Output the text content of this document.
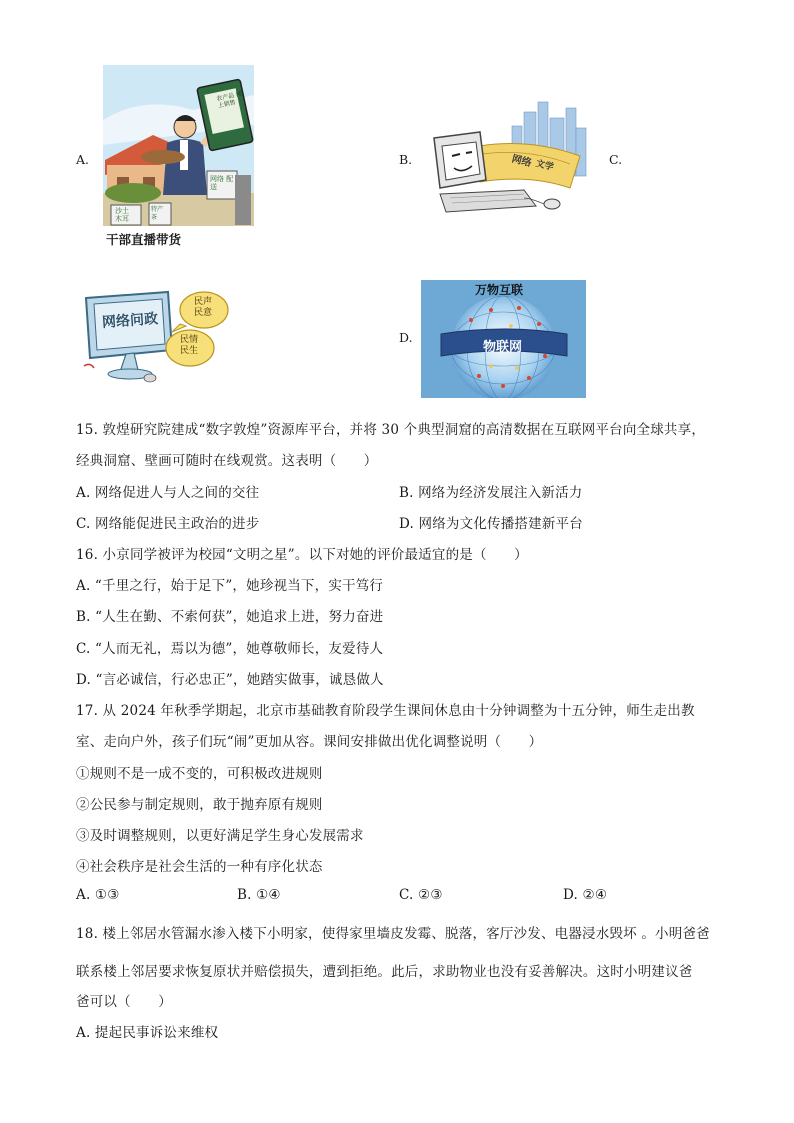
A.
农产品 网上销售
网络 配送
沙土 木耳
特产 茶
干部直播带货
B.	网络 文学	C.
网络问政
民声 民意
民情 民生
D.
万物互联
物联网
15. 敦煌研究院建成“数字敦煌”资源库平台，并将 30 个典型洞窟的高清数据在互联网平台向全球共享，
经典洞窟、壁画可随时在线观赏。这表明（　　）
A. 网络促进人与人之间的交往	B. 网络为经济发展注入新活力
C. 网络能促进民主政治的进步	D. 网络为文化传播搭建新平台
16. 小京同学被评为校园“文明之星”。以下对她的评价最适宜的是（　　）
A. “千里之行，始于足下”，她珍视当下，实干笃行
B. “人生在勤、不索何获”，她追求上进，努力奋进
C. “人而无礼，焉以为德”，她尊敬师长，友爱待人
D. “言必诚信，行必忠正”，她踏实做事，诚恳做人
17. 从 2024 年秋季学期起，北京市基础教育阶段学生课间休息由十分钟调整为十五分钟，师生走出教
室、走向户外，孩子们玩“闹”更加从容。课间安排做出优化调整说明（　　）
①规则不是一成不变的，可积极改进规则
②公民参与制定规则，敢于抛弃原有规则
③及时调整规则，以更好满足学生身心发展需求
④社会秩序是社会生活的一种有序化状态
A. ①③	B. ①④	C. ②③	D. ②④
18. 楼上邻居水管漏水渗入楼下小明家，使得家里墙皮发霉、脱落，客厅沙发、电器浸水毁坏 。小明爸爸
联系楼上邻居要求恢复原状并赔偿损失，遭到拒绝。此后，求助物业也没有妥善解决。这时小明建议爸
爸可以（　　）
A. 提起民事诉讼来维权
